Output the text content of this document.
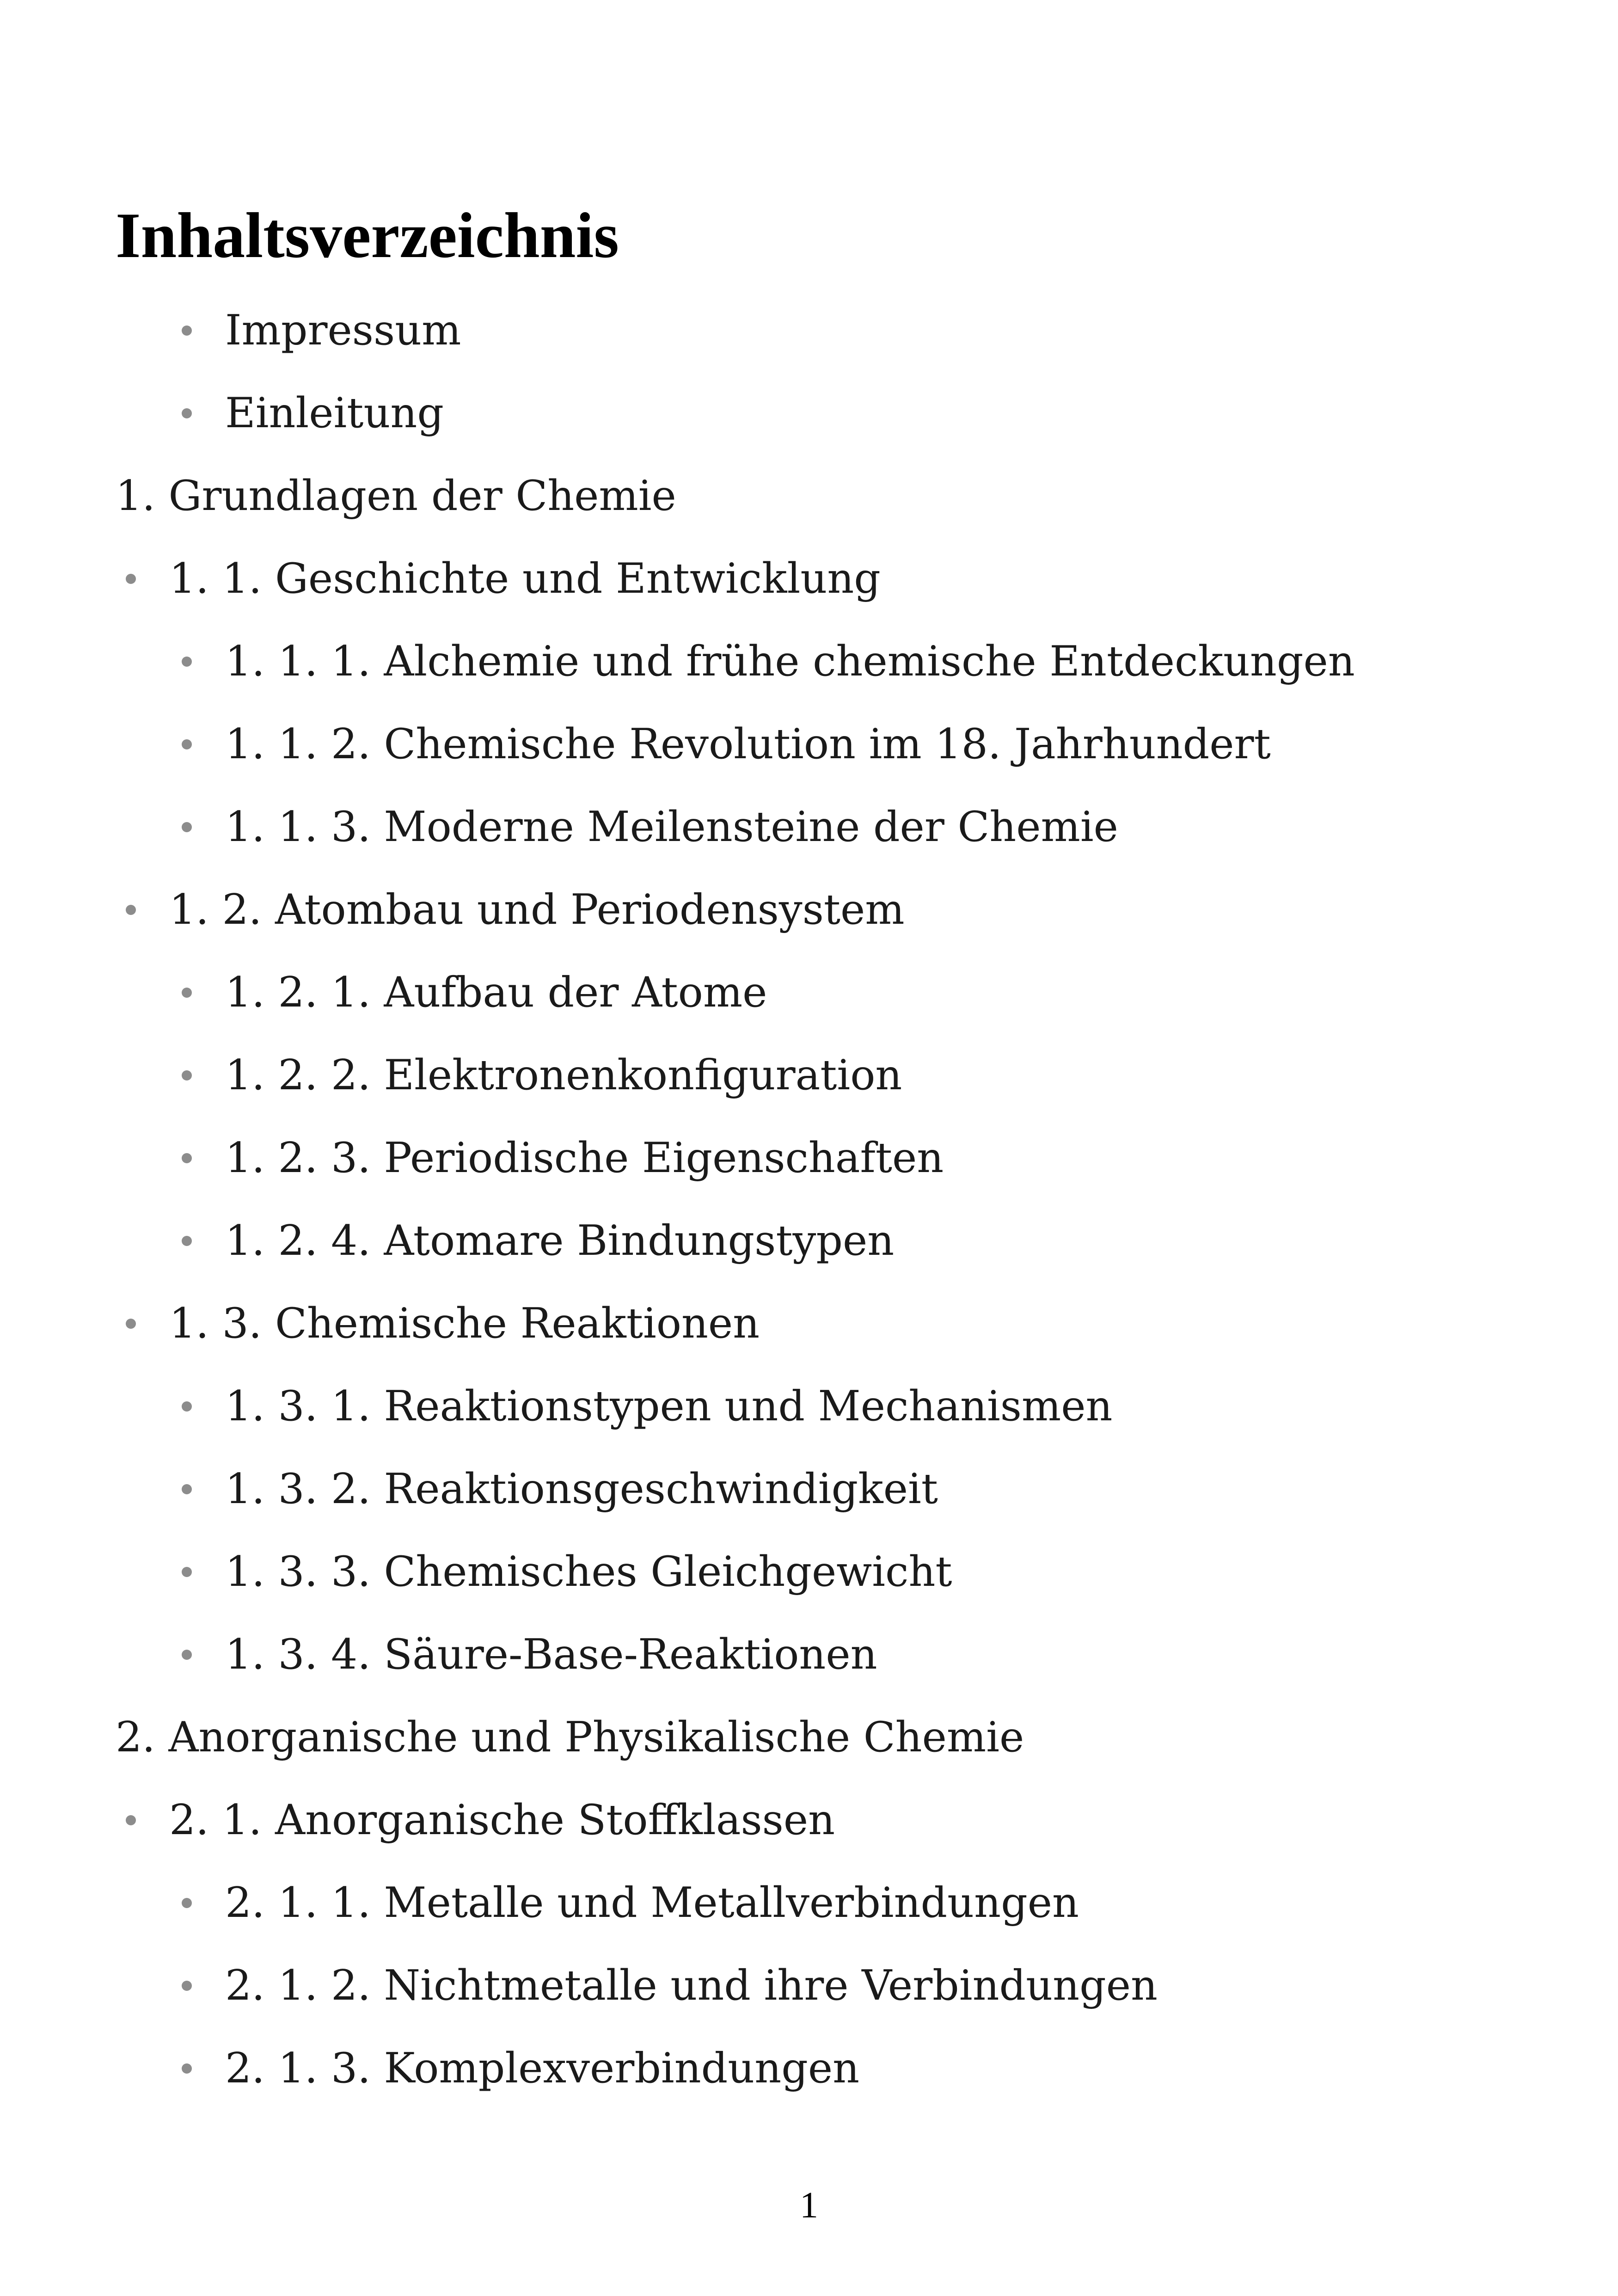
Inhaltsverzeichnis
Impressum
Einleitung
1. Grundlagen der Chemie
1. 1. Geschichte und Entwicklung
1. 1. 1. Alchemie und frühe chemische Entdeckungen
1. 1. 2. Chemische Revolution im 18. Jahrhundert
1. 1. 3. Moderne Meilensteine der Chemie
1. 2. Atombau und Periodensystem
1. 2. 1. Aufbau der Atome
1. 2. 2. Elektronenkonfiguration
1. 2. 3. Periodische Eigenschaften
1. 2. 4. Atomare Bindungstypen
1. 3. Chemische Reaktionen
1. 3. 1. Reaktionstypen und Mechanismen
1. 3. 2. Reaktionsgeschwindigkeit
1. 3. 3. Chemisches Gleichgewicht
1. 3. 4. Säure-Base-Reaktionen
2. Anorganische und Physikalische Chemie
2. 1. Anorganische Stoffklassen
2. 1. 1. Metalle und Metallverbindungen
2. 1. 2. Nichtmetalle und ihre Verbindungen
2. 1. 3. Komplexverbindungen
1
